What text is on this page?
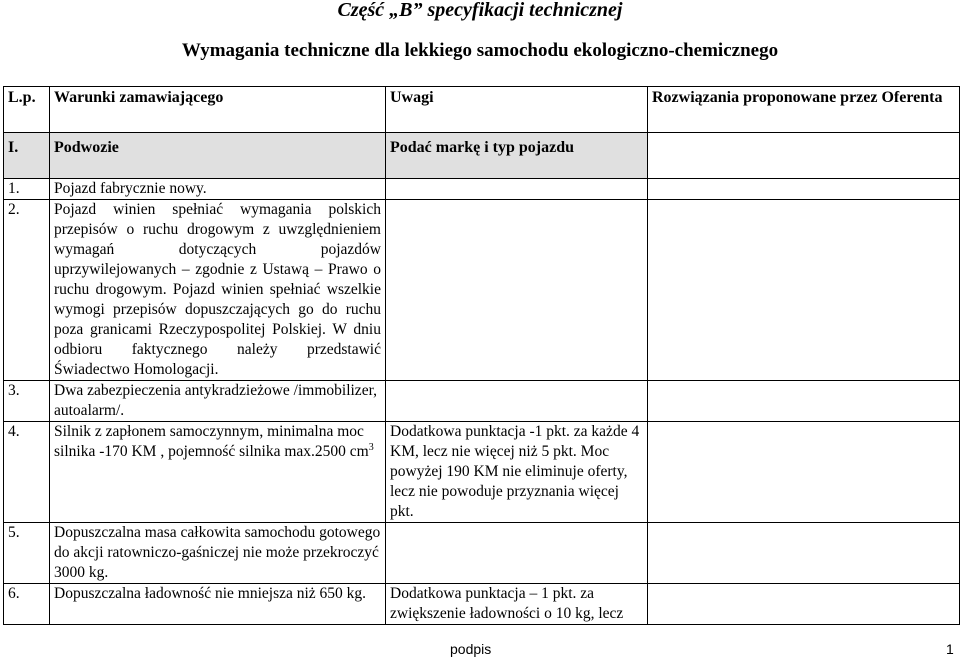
Część „B” specyfikacji technicznej
Wymagania techniczne dla lekkiego samochodu ekologiczno-chemicznego
L.p.	Warunki zamawiającego	Uwagi	Rozwiązania proponowane przez Oferenta
I.	Podwozie	Podać markę i typ pojazdu	
1.	Pojazd fabrycznie nowy.		
2.	Pojazd winien spełniać wymagania polskich przepisów o ruchu drogowym z uwzględnieniem wymagań dotyczących pojazdów uprzywilejowanych – zgodnie z Ustawą – Prawo o ruchu drogowym. Pojazd winien spełniać wszelkie wymogi przepisów dopuszczających go do ruchu poza granicami Rzeczypospolitej Polskiej. W dniu odbioru faktycznego należy przedstawić Świadectwo Homologacji.		
3.	Dwa zabezpieczenia antykradzieżowe /immobilizer, autoalarm/.		
4.	Silnik z zapłonem samoczynnym, minimalna moc silnika -170 KM , pojemność silnika max.2500 $cm^3$	Dodatkowa punktacja -1 pkt. za każde 4 KM, lecz nie więcej niż 5 pkt. Moc powyżej 190 KM nie eliminuje oferty, lecz nie powoduje przyznania więcej pkt.	
5.	Dopuszczalna masa całkowita samochodu gotowego do akcji ratowniczo-gaśniczej nie może przekroczyć 3000 kg.		
6.	Dopuszczalna ładowność nie mniejsza niż 650 kg.	Dodatkowa punktacja – 1 pkt. za zwiększenie ładowności o 10 kg, lecz	
podpis	1
